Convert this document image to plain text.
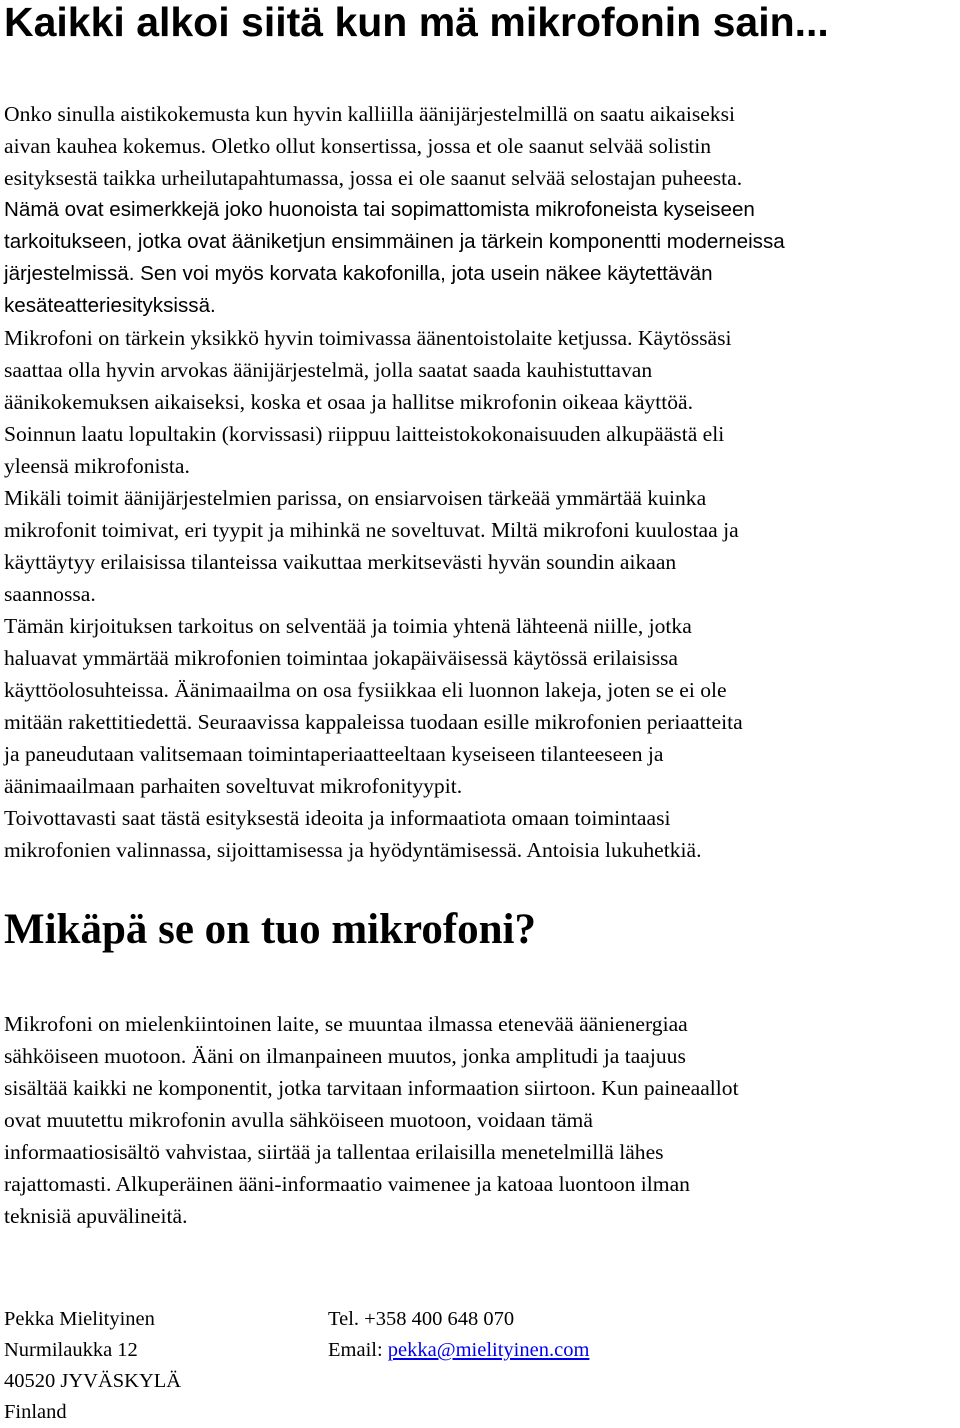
Kaikki alkoi siitä kun mä mikrofonin sain...
Onko sinulla aistikokemusta kun hyvin kalliilla äänijärjestelmillä on saatu aikaiseksi
aivan kauhea kokemus. Oletko ollut konsertissa, jossa et ole saanut selvää solistin
esityksestä taikka urheilutapahtumassa, jossa ei ole saanut selvää selostajan puheesta.
Nämä ovat esimerkkejä joko huonoista tai sopimattomista mikrofoneista kyseiseen
tarkoitukseen, jotka ovat ääniketjun ensimmäinen ja tärkein komponentti moderneissa
järjestelmissä. Sen voi myös korvata kakofonilla, jota usein näkee käytettävän
kesäteatteriesityksissä.
Mikrofoni on tärkein yksikkö hyvin toimivassa äänentoistolaite ketjussa. Käytössäsi
saattaa olla hyvin arvokas äänijärjestelmä, jolla saatat saada kauhistuttavan
äänikokemuksen aikaiseksi, koska et osaa ja hallitse mikrofonin oikeaa käyttöä.
Soinnun laatu lopultakin (korvissasi) riippuu laitteistokokonaisuuden alkupäästä eli
yleensä mikrofonista.
Mikäli toimit äänijärjestelmien parissa, on ensiarvoisen tärkeää ymmärtää kuinka
mikrofonit toimivat, eri tyypit ja mihinkä ne soveltuvat. Miltä mikrofoni kuulostaa ja
käyttäytyy erilaisissa tilanteissa vaikuttaa merkitsevästi hyvän soundin aikaan
saannossa.
Tämän kirjoituksen tarkoitus on selventää ja toimia yhtenä lähteenä niille, jotka
haluavat ymmärtää mikrofonien toimintaa jokapäiväisessä käytössä erilaisissa
käyttöolosuhteissa. Äänimaailma on osa fysiikkaa eli luonnon lakeja, joten se ei ole
mitään rakettitiedettä. Seuraavissa kappaleissa tuodaan esille mikrofonien periaatteita
ja paneudutaan valitsemaan toimintaperiaatteeltaan kyseiseen tilanteeseen ja
äänimaailmaan parhaiten soveltuvat mikrofonityypit.
Toivottavasti saat tästä esityksestä ideoita ja informaatiota omaan toimintaasi
mikrofonien valinnassa, sijoittamisessa ja hyödyntämisessä. Antoisia lukuhetkiä.
Mikäpä se on tuo mikrofoni?
Mikrofoni on mielenkiintoinen laite, se muuntaa ilmassa etenevää äänienergiaa
sähköiseen muotoon. Ääni on ilmanpaineen muutos, jonka amplitudi ja taajuus
sisältää kaikki ne komponentit, jotka tarvitaan informaation siirtoon. Kun paineaallot
ovat muutettu mikrofonin avulla sähköiseen muotoon, voidaan tämä
informaatiosisältö vahvistaa, siirtää ja tallentaa erilaisilla menetelmillä lähes
rajattomasti. Alkuperäinen ääni-informaatio vaimenee ja katoaa luontoon ilman
teknisiä apuvälineitä.
Pekka Mielityinen	Tel. +358 400 648 070
Nurmilaukka 12	Email: pekka@mielityinen.com
40520 JYVÄSKYLÄ
Finland
